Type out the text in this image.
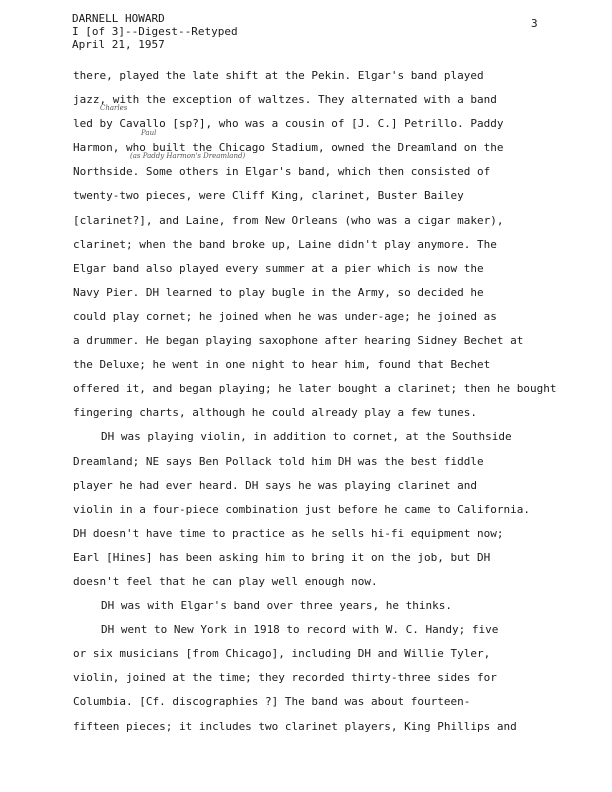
DARNELL HOWARD
I [of 3]--Digest--Retyped
April 21, 1957
3
there, played the late shift at the Pekin. Elgar's band played
jazz, with the exception of waltzes. They alternated with a band
led by Cavallo [sp?], who was a cousin of [J. C.] Petrillo. Paddy
Harmon, who built the Chicago Stadium, owned the Dreamland on the
Northside. Some others in Elgar's band, which then consisted of
twenty-two pieces, were Cliff King, clarinet, Buster Bailey
[clarinet?], and Laine, from New Orleans (who was a cigar maker),
clarinet; when the band broke up, Laine didn't play anymore. The
Elgar band also played every summer at a pier which is now the
Navy Pier. DH learned to play bugle in the Army, so decided he
could play cornet; he joined when he was under-age; he joined as
a drummer. He began playing saxophone after hearing Sidney Bechet at
the Deluxe; he went in one night to hear him, found that Bechet
offered it, and began playing; he later bought a clarinet; then he bought
fingering charts, although he could already play a few tunes.
DH was playing violin, in addition to cornet, at the Southside
Dreamland; NE says Ben Pollack told him DH was the best fiddle
player he had ever heard. DH says he was playing clarinet and
violin in a four-piece combination just before he came to California.
DH doesn't have time to practice as he sells hi-fi equipment now;
Earl [Hines] has been asking him to bring it on the job, but DH
doesn't feel that he can play well enough now.
DH was with Elgar's band over three years, he thinks.
DH went to New York in 1918 to record with W. C. Handy; five
or six musicians [from Chicago], including DH and Willie Tyler,
violin, joined at the time; they recorded thirty-three sides for
Columbia. [Cf. discographies ?] The band was about fourteen-
fifteen pieces; it includes two clarinet players, King Phillips and
Charles
Paul
(as Paddy Harmon's Dreamland)
